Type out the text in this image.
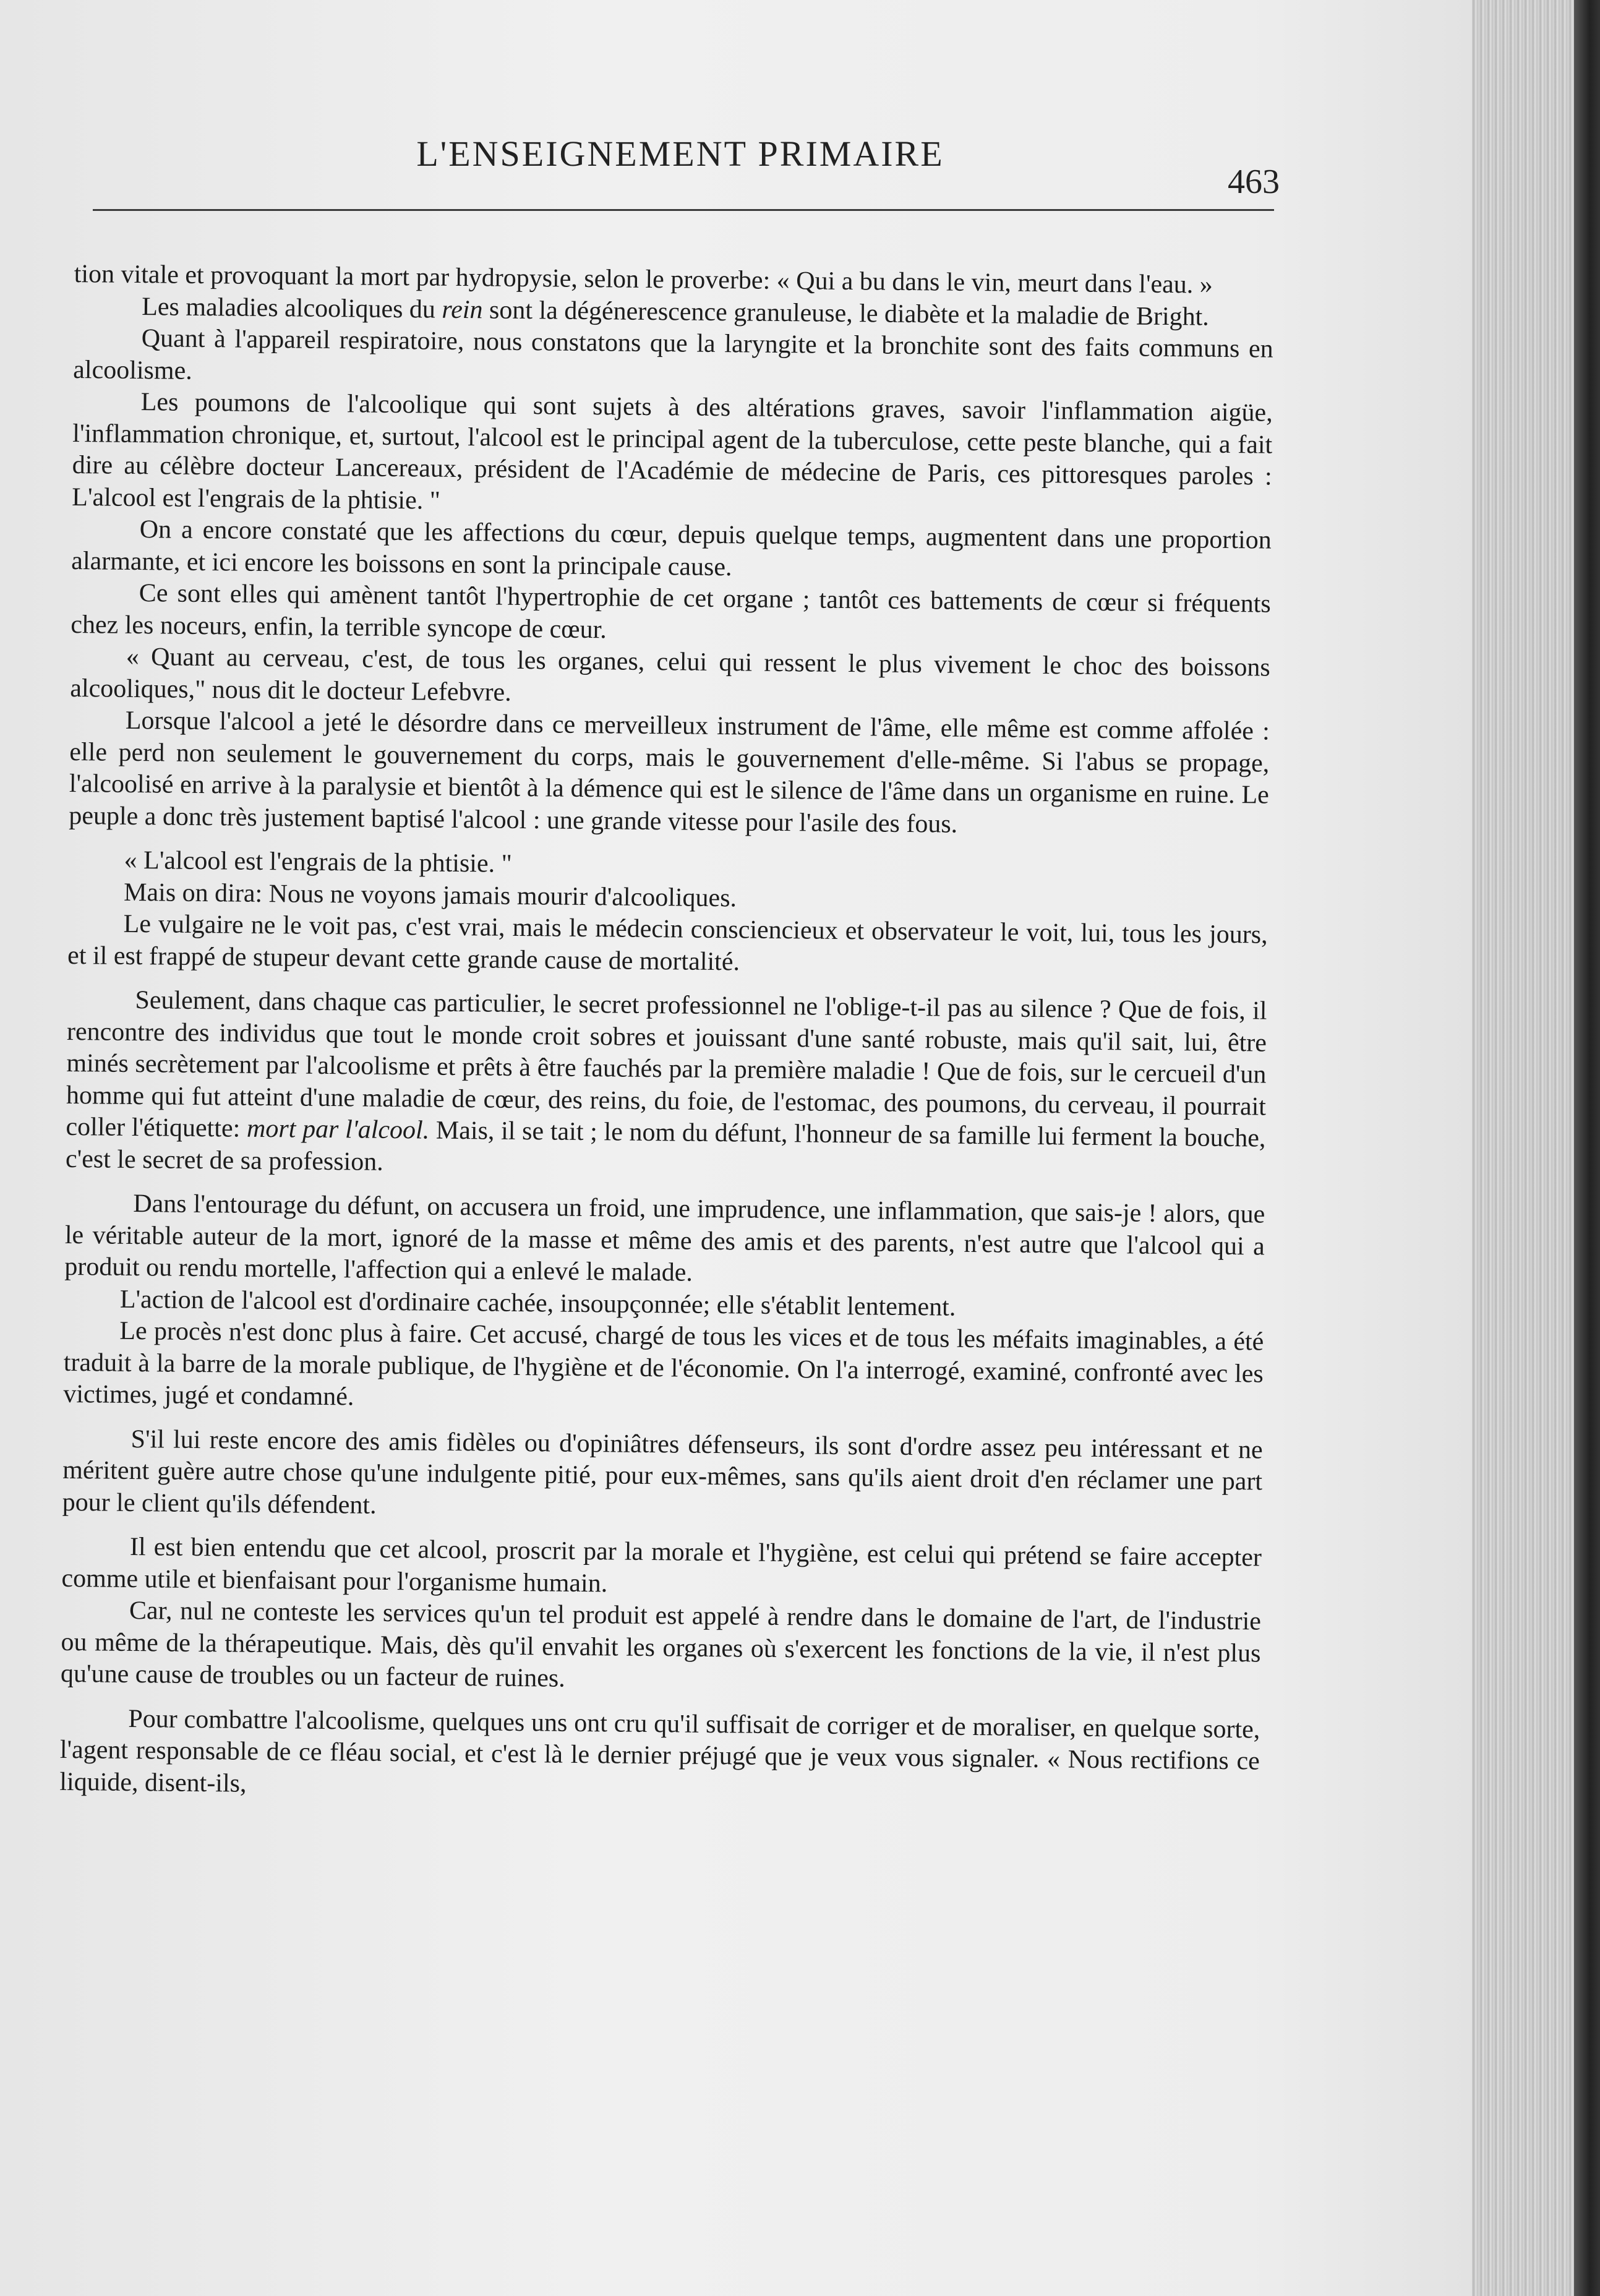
L'ENSEIGNEMENT PRIMAIRE
463

tion vitale et provoquant la mort par hydropysie, selon le proverbe: « Qui a bu dans le vin, meurt dans l'eau. »

Les maladies alcooliques du rein sont la dégénerescence granuleuse, le diabète et la maladie de Bright.

Quant à l'appareil respiratoire, nous constatons que la laryngite et la bronchite sont des faits communs en alcoolisme.

Les poumons de l'alcoolique qui sont sujets à des altérations graves, savoir l'inflammation aigüe, l'inflammation chronique, et, surtout, l'alcool est le principal agent de la tuberculose, cette peste blanche, qui a fait dire au célèbre docteur Lancereaux, président de l'Académie de médecine de Paris, ces pittoresques paroles : L'alcool est l'engrais de la phtisie. "

On a encore constaté que les affections du cœur, depuis quelque temps, augmentent dans une proportion alarmante, et ici encore les boissons en sont la principale cause.

Ce sont elles qui amènent tantôt l'hypertrophie de cet organe ; tantôt ces battements de cœur si fréquents chez les noceurs, enfin, la terrible syncope de cœur.

« Quant au cerveau, c'est, de tous les organes, celui qui ressent le plus vivement le choc des boissons alcooliques," nous dit le docteur Lefebvre.

Lorsque l'alcool a jeté le désordre dans ce merveilleux instrument de l'âme, elle même est comme affolée : elle perd non seulement le gouvernement du corps, mais le gouvernement d'elle-même. Si l'abus se propage, l'alcoolisé en arrive à la paralysie et bientôt à la démence qui est le silence de l'âme dans un organisme en ruine. Le peuple a donc très justement baptisé l'alcool : une grande vitesse pour l'asile des fous.

« L'alcool est l'engrais de la phtisie. "

Mais on dira: Nous ne voyons jamais mourir d'alcooliques.

Le vulgaire ne le voit pas, c'est vrai, mais le médecin consciencieux et observateur le voit, lui, tous les jours, et il est frappé de stupeur devant cette grande cause de mortalité.

Seulement, dans chaque cas particulier, le secret professionnel ne l'oblige-t-il pas au silence ? Que de fois, il rencontre des individus que tout le monde croit sobres et jouissant d'une santé robuste, mais qu'il sait, lui, être minés secrètement par l'alcoolisme et prêts à être fauchés par la première maladie ! Que de fois, sur le cercueil d'un homme qui fut atteint d'une maladie de cœur, des reins, du foie, de l'estomac, des poumons, du cerveau, il pourrait coller l'étiquette: mort par l'alcool. Mais, il se tait ; le nom du défunt, l'honneur de sa famille lui ferment la bouche, c'est le secret de sa profession.

Dans l'entourage du défunt, on accusera un froid, une imprudence, une inflammation, que sais-je ! alors, que le véritable auteur de la mort, ignoré de la masse et même des amis et des parents, n'est autre que l'alcool qui a produit ou rendu mortelle, l'affection qui a enlevé le malade.

L'action de l'alcool est d'ordinaire cachée, insoupçonnée; elle s'établit lentement.

Le procès n'est donc plus à faire. Cet accusé, chargé de tous les vices et de tous les méfaits imaginables, a été traduit à la barre de la morale publique, de l'hygiène et de l'économie. On l'a interrogé, examiné, confronté avec les victimes, jugé et condamné.

S'il lui reste encore des amis fidèles ou d'opiniâtres défenseurs, ils sont d'ordre assez peu intéressant et ne méritent guère autre chose qu'une indulgente pitié, pour eux-mêmes, sans qu'ils aient droit d'en réclamer une part pour le client qu'ils défendent.

Il est bien entendu que cet alcool, proscrit par la morale et l'hygiène, est celui qui prétend se faire accepter comme utile et bienfaisant pour l'organisme humain.

Car, nul ne conteste les services qu'un tel produit est appelé à rendre dans le domaine de l'art, de l'industrie ou même de la thérapeutique. Mais, dès qu'il envahit les organes où s'exercent les fonctions de la vie, il n'est plus qu'une cause de troubles ou un facteur de ruines.

Pour combattre l'alcoolisme, quelques uns ont cru qu'il suffisait de corriger et de moraliser, en quelque sorte, l'agent responsable de ce fléau social, et c'est là le dernier préjugé que je veux vous signaler. « Nous rectifions ce liquide, disent-ils,
